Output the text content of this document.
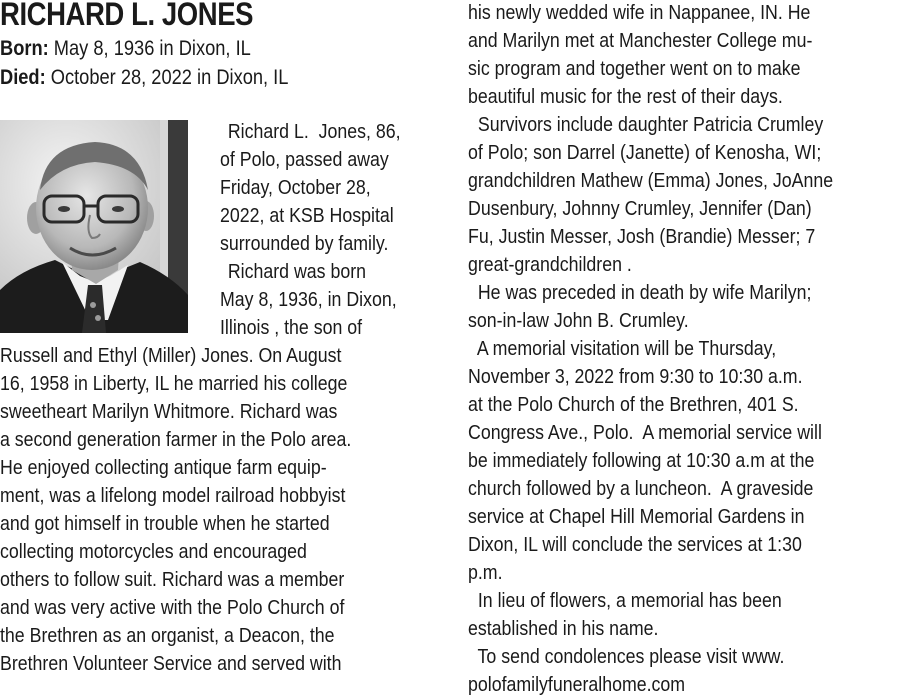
RICHARD L. JONES
Born: May 8, 1936 in Dixon, IL
Died: October 28, 2022 in Dixon, IL
Richard L.  Jones, 86,
of Polo, passed away
Friday, October 28,
2022, at KSB Hospital
surrounded by family.
Richard was born
May 8, 1936, in Dixon,
Illinois , the son of
Russell and Ethyl (Miller) Jones. On August
16, 1958 in Liberty, IL he married his college
sweetheart Marilyn Whitmore. Richard was
a second generation farmer in the Polo area.
He enjoyed collecting antique farm equip-
ment, was a lifelong model railroad hobbyist
and got himself in trouble when he started
collecting motorcycles and encouraged
others to follow suit. Richard was a member
and was very active with the Polo Church of
the Brethren as an organist, a Deacon, the
Brethren Volunteer Service and served with
his newly wedded wife in Nappanee, IN. He
and Marilyn met at Manchester College mu-
sic program and together went on to make
beautiful music for the rest of their days.
Survivors include daughter Patricia Crumley
of Polo; son Darrel (Janette) of Kenosha, WI;
grandchildren Mathew (Emma) Jones, JoAnne
Dusenbury, Johnny Crumley, Jennifer (Dan)
Fu, Justin Messer, Josh (Brandie) Messer; 7
great-grandchildren .
He was preceded in death by wife Marilyn;
son-in-law John B. Crumley.
A memorial visitation will be Thursday,
November 3, 2022 from 9:30 to 10:30 a.m.
at the Polo Church of the Brethren, 401 S.
Congress Ave., Polo.  A memorial service will
be immediately following at 10:30 a.m at the
church followed by a luncheon.  A graveside
service at Chapel Hill Memorial Gardens in
Dixon, IL will conclude the services at 1:30
p.m.
In lieu of flowers, a memorial has been
established in his name.
To send condolences please visit www.
polofamilyfuneralhome.com
